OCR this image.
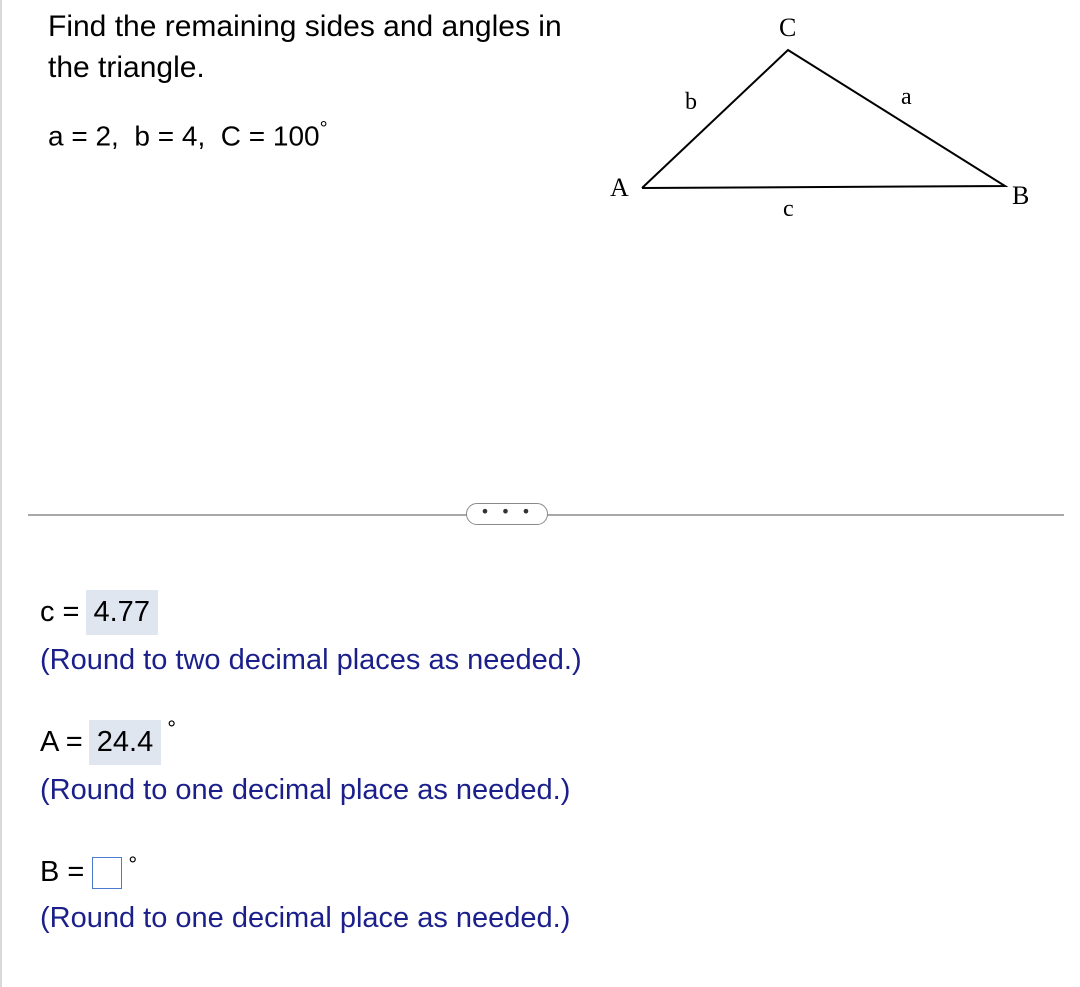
Find the remaining sides and angles in the triangle.
a = 2,  b = 4,  C = 100°
C
A	B
b	a
c
• • •
c = 4.77
(Round to two decimal places as needed.)
A = 24.4 °
(Round to one decimal place as needed.)
B = °
(Round to one decimal place as needed.)
